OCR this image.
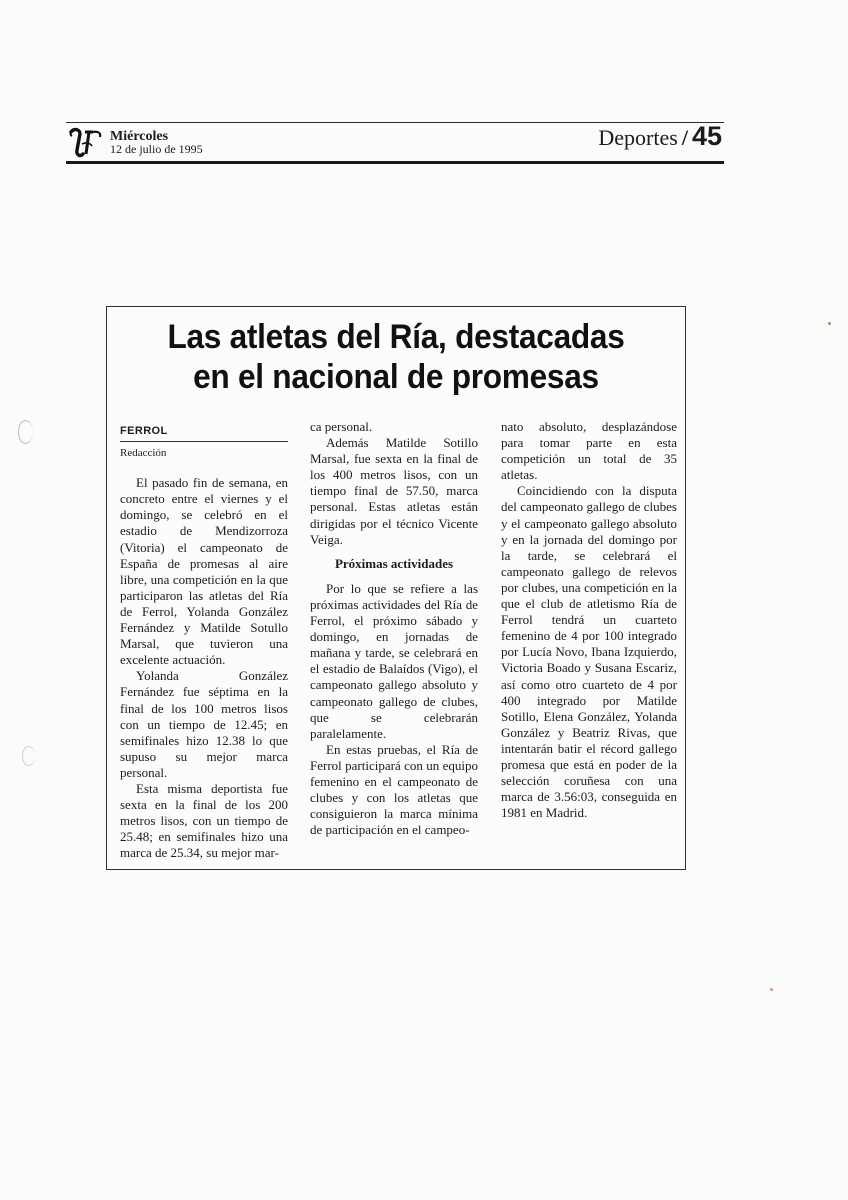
Miércoles
12 de julio de 1995	Deportes / 45
Las atletas del Ría, destacadas
en el nacional de promesas
FERROL
Redacción

El pasado fin de semana, en concreto entre el viernes y el domingo, se celebró en el estadio de Mendizorroza (Vitoria) el campeonato de España de promesas al aire libre, una competición en la que participaron las atletas del Ría de Ferrol, Yolanda González Fernández y Matilde Sotullo Marsal, que tuvieron una excelente actuación.

Yolanda González Fernández fue séptima en la final de los 100 metros lisos con un tiempo de 12.45; en semifinales hizo 12.38 lo que supuso su mejor marca personal.

Esta misma deportista fue sexta en la final de los 200 metros lisos, con un tiempo de 25.48; en semifinales hizo una marca de 25.34, su mejor mar-

ca personal.

Además Matilde Sotillo Marsal, fue sexta en la final de los 400 metros lisos, con un tiempo final de 57.50, marca personal. Estas atletas están dirigidas por el técnico Vicente Veiga.

Próximas actividades

Por lo que se refiere a las próximas actividades del Ría de Ferrol, el próximo sábado y domingo, en jornadas de mañana y tarde, se celebrará en el estadio de Balaídos (Vigo), el campeonato gallego absoluto y campeonato gallego de clubes, que se celebrarán paralelamente.

En estas pruebas, el Ría de Ferrol participará con un equipo femenino en el campeonato de clubes y con los atletas que consiguieron la marca mínima de participación en el campeo-

nato absoluto, desplazándose para tomar parte en esta competición un total de 35 atletas.

Coincidiendo con la disputa del campeonato gallego de clubes y el campeonato gallego absoluto y en la jornada del domingo por la tarde, se celebrará el campeonato gallego de relevos por clubes, una competición en la que el club de atletismo Ría de Ferrol tendrá un cuarteto femenino de 4 por 100 integrado por Lucía Novo, Ibana Izquierdo, Victoria Boado y Susana Escariz, así como otro cuarteto de 4 por 400 integrado por Matilde Sotillo, Elena González, Yolanda González y Beatriz Rivas, que intentarán batir el récord gallego promesa que está en poder de la selección coruñesa con una marca de 3.56:03, conseguida en 1981 en Madrid.
